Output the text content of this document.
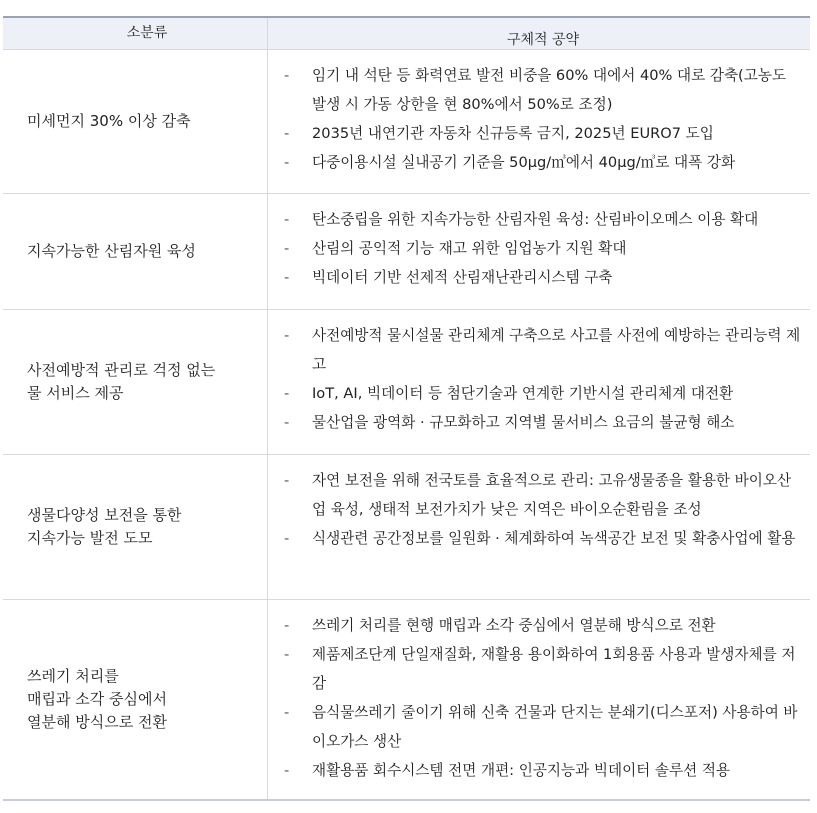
소분류	구체적 공약
미세먼지 30% 이상 감축
-	임기 내 석탄 등 화력연료 발전 비중을 60% 대에서 40% 대로 감축(고농도 발생 시 가동 상한을 현 80%에서 50%로 조정)
-	2035년 내연기관 자동차 신규등록 금지, 2025년 EURO7 도입
-	다중이용시설 실내공기 기준을 50μg/㎥에서 40μg/㎥로 대폭 강화
지속가능한 산림자원 육성
-	탄소중립을 위한 지속가능한 산림자원 육성: 산림바이오메스 이용 확대
-	산림의 공익적 기능 재고 위한 임업농가 지원 확대
-	빅데이터 기반 선제적 산림재난관리시스템 구축
사전예방적 관리로 걱정 없는
물 서비스 제공
-	사전예방적 물시설물 관리체계 구축으로 사고를 사전에 예방하는 관리능력 제고
-	IoT, AI, 빅데이터 등 첨단기술과 연계한 기반시설 관리체계 대전환
-	물산업을 광역화 · 규모화하고 지역별 물서비스 요금의 불균형 해소
생물다양성 보전을 통한
지속가능 발전 도모
-	자연 보전을 위해 전국토를 효율적으로 관리: 고유생물종을 활용한 바이오산업 육성, 생태적 보전가치가 낮은 지역은 바이오순환림을 조성
-	식생관련 공간정보를 일원화 · 체계화하여 녹색공간 보전 및 확충사업에 활용
쓰레기 처리를
매립과 소각 중심에서
열분해 방식으로 전환
-	쓰레기 처리를 현행 매립과 소각 중심에서 열분해 방식으로 전환
-	제품제조단계 단일재질화, 재활용 용이화하여 1회용품 사용과 발생자체를 저감
-	음식물쓰레기 줄이기 위해 신축 건물과 단지는 분쇄기(디스포저) 사용하여 바이오가스 생산
-	재활용품 회수시스템 전면 개편: 인공지능과 빅데이터 솔루션 적용
